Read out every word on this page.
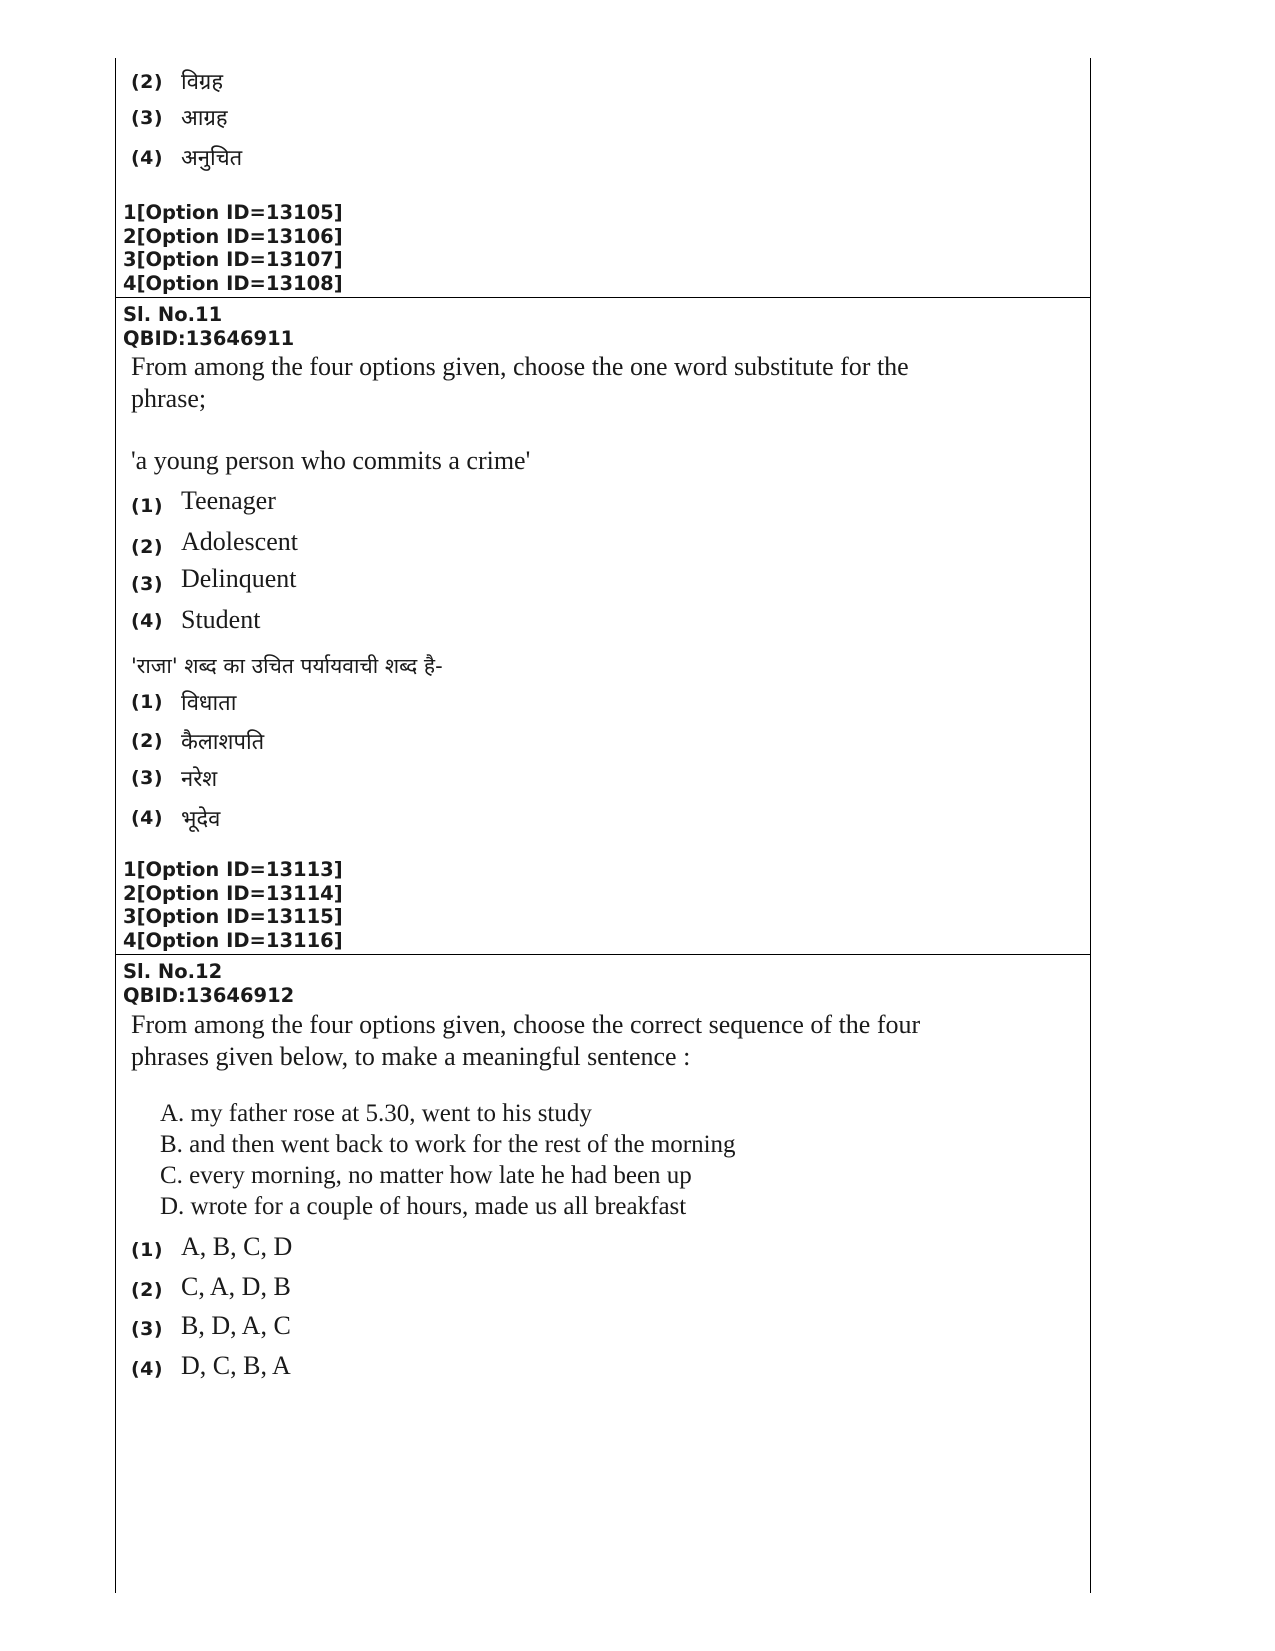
(2) विग्रह
(3) आग्रह
(4) अनुचित
1[Option ID=13105]
2[Option ID=13106]
3[Option ID=13107]
4[Option ID=13108]
Sl. No.11
QBID:13646911
From among the four options given, choose the one word substitute for the
phrase;
'a young person who commits a crime'
(1) Teenager
(2) Adolescent
(3) Delinquent
(4) Student
'राजा' शब्द का उचित पर्यायवाची शब्द है-
(1) विधाता
(2) कैलाशपति
(3) नरेश
(4) भूदेव
1[Option ID=13113]
2[Option ID=13114]
3[Option ID=13115]
4[Option ID=13116]
Sl. No.12
QBID:13646912
From among the four options given, choose the correct sequence of the four
phrases given below, to make a meaningful sentence :
A. my father rose at 5.30, went to his study
B. and then went back to work for the rest of the morning
C. every morning, no matter how late he had been up
D. wrote for a couple of hours, made us all breakfast
(1) A, B, C, D
(2) C, A, D, B
(3) B, D, A, C
(4) D, C, B, A
